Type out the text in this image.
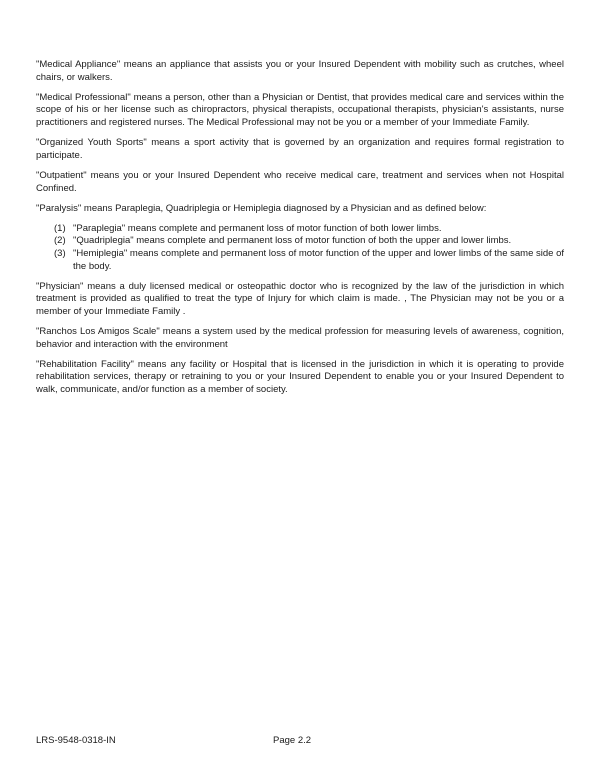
"Medical Appliance" means an appliance that assists you or your Insured Dependent with mobility such as crutches, wheel chairs, or walkers.

"Medical Professional" means a person, other than a Physician or Dentist, that provides medical care and services within the scope of his or her license such as chiropractors, physical therapists, occupational therapists, physician's assistants, nurse practitioners and registered nurses. The Medical Professional may not be you or a member of your Immediate Family.

"Organized Youth Sports" means a sport activity that is governed by an organization and requires formal registration to participate.

"Outpatient" means you or your Insured Dependent who receive medical care, treatment and services when not Hospital Confined.

"Paralysis" means Paraplegia, Quadriplegia or Hemiplegia diagnosed by a Physician and as defined below:

(1) "Paraplegia" means complete and permanent loss of motor function of both lower limbs.
(2) "Quadriplegia" means complete and permanent loss of motor function of both the upper and lower limbs.
(3) "Hemiplegia" means complete and permanent loss of motor function of the upper and lower limbs of the same side of the body.

"Physician" means a duly licensed medical or osteopathic doctor who is recognized by the law of the jurisdiction in which treatment is provided as qualified to treat the type of Injury for which claim is made. , The Physician may not be you or a member of your Immediate Family .

"Ranchos Los Amigos Scale" means a system used by the medical profession for measuring levels of awareness, cognition, behavior and interaction with the environment

"Rehabilitation Facility" means any facility or Hospital that is licensed in the jurisdiction in which it is operating to provide rehabilitation services, therapy or retraining to you or your Insured Dependent to enable you or your Insured Dependent to walk, communicate, and/or function as a member of society.

LRS-9548-0318-IN	Page 2.2
